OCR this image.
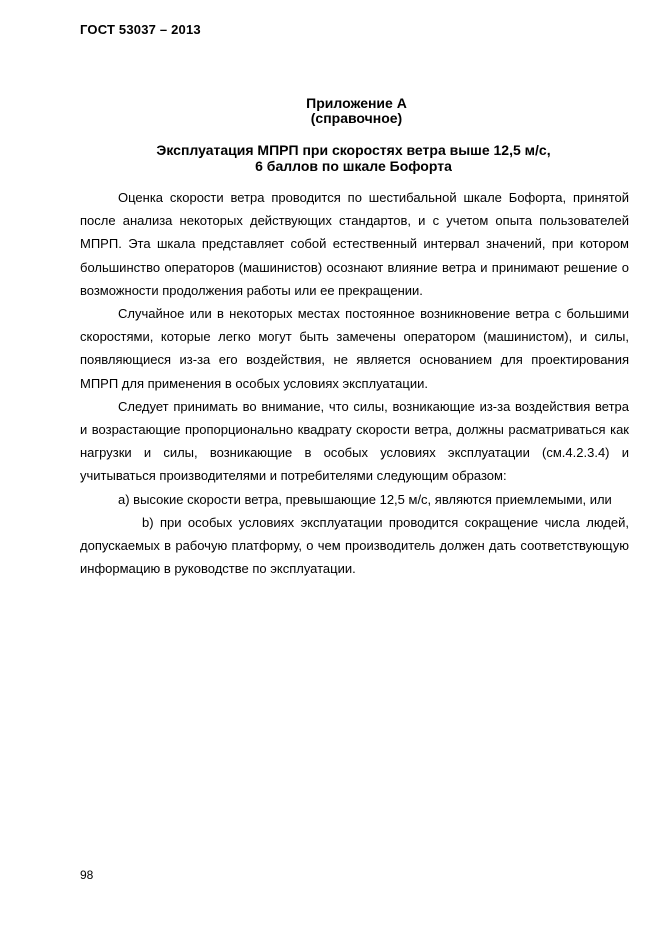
ГОСТ 53037 – 2013
Приложение А
(справочное)
Эксплуатация МПРП при скоростях ветра выше 12,5 м/с,
6 баллов по шкале Бофорта

Оценка скорости ветра проводится по шестибальной шкале Бофорта, принятой после анализа некоторых действующих стандартов, и с учетом опыта пользователей МПРП. Эта шкала представляет собой естественный интервал значений, при котором большинство операторов (машинистов) осознают влияние ветра и принимают решение о возможности продолжения работы или ее прекращении.

Случайное или в некоторых местах постоянное возникновение ветра с большими скоростями, которые легко могут быть замечены оператором (машинистом), и силы, появляющиеся из-за его воздействия, не является основанием для проектирования МПРП для применения в особых условиях эксплуатации.

Следует принимать во внимание, что силы, возникающие из-за воздействия ветра и возрастающие пропорционально квадрату скорости ветра, должны расматриваться как нагрузки и силы, возникающие в особых условиях эксплуатации (см.4.2.3.4) и учитываться производителями и потребителями следующим образом:

а) высокие скорости ветра, превышающие 12,5 м/с, являются приемлемыми, или

b) при особых условиях эксплуатации проводится сокращение числа людей, допускаемых в рабочую платформу, о чем производитель должен дать соответствующую информацию в руководстве по эксплуатации.

98
